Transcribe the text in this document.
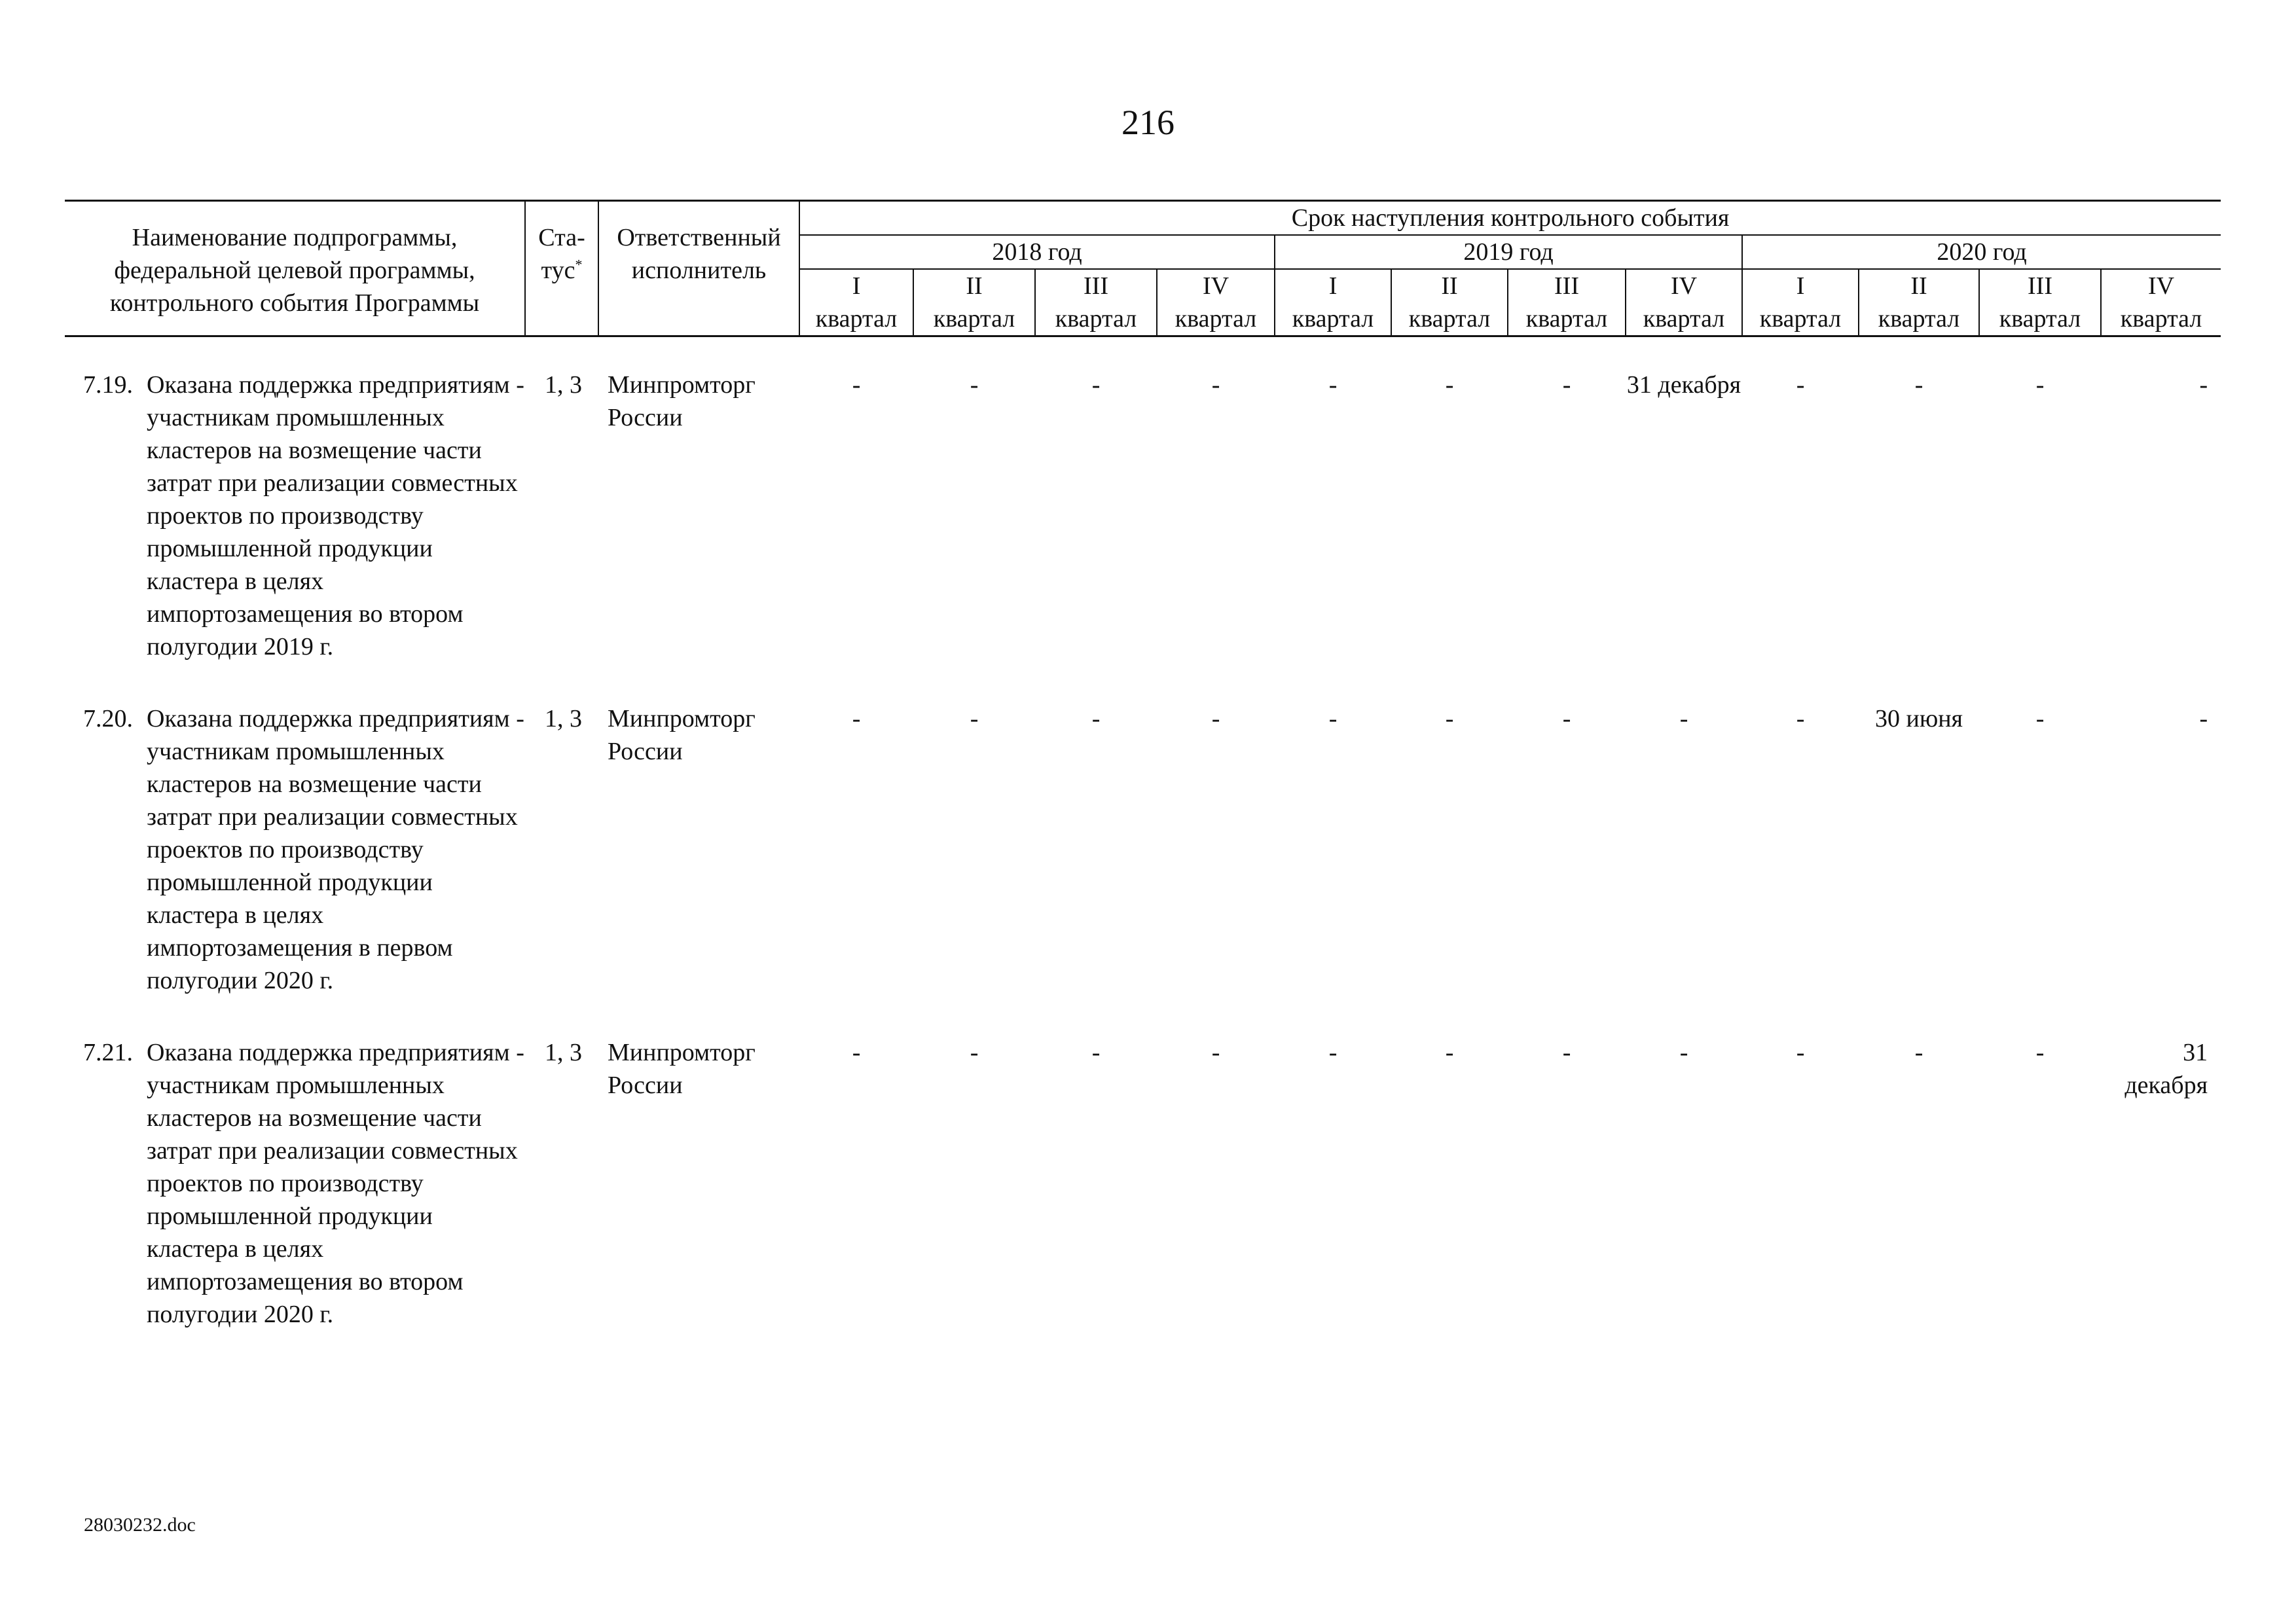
216
Наименование подпрограммы, федеральной целевой программы, контрольного события Программы		Ста-
тус*	Ответственный исполнитель	Срок наступления контрольного события											
				2018 год				2019 год				2020 год			
				I	II	III	IV	I	II	III	IV	I	II	III	IV
				квартал	квартал	квартал	квартал	квартал	квартал	квартал	квартал	квартал	квартал	квартал	квартал

7.19.	Оказана поддержка предприятиям - участникам промышленных кластеров на возмещение части затрат при реализации совместных проектов по производству промышленной продукции кластера в целях импортозамещения во втором полугодии 2019 г.	1, 3	Минпромторг России	-	-	-	-	-	-	-	31 декабря	-	-	-	-

7.20.	Оказана поддержка предприятиям - участникам промышленных кластеров на возмещение части затрат при реализации совместных проектов по производству промышленной продукции кластера в целях импортозамещения в первом полугодии 2020 г.	1, 3	Минпромторг России	-	-	-	-	-	-	-	-	-	30 июня	-	-

7.21.	Оказана поддержка предприятиям - участникам промышленных кластеров на возмещение части затрат при реализации совместных проектов по производству промышленной продукции кластера в целях импортозамещения во втором полугодии 2020 г.	1, 3	Минпромторг России	-	-	-	-	-	-	-	-	-	-	-	31 декабря
28030232.doc
